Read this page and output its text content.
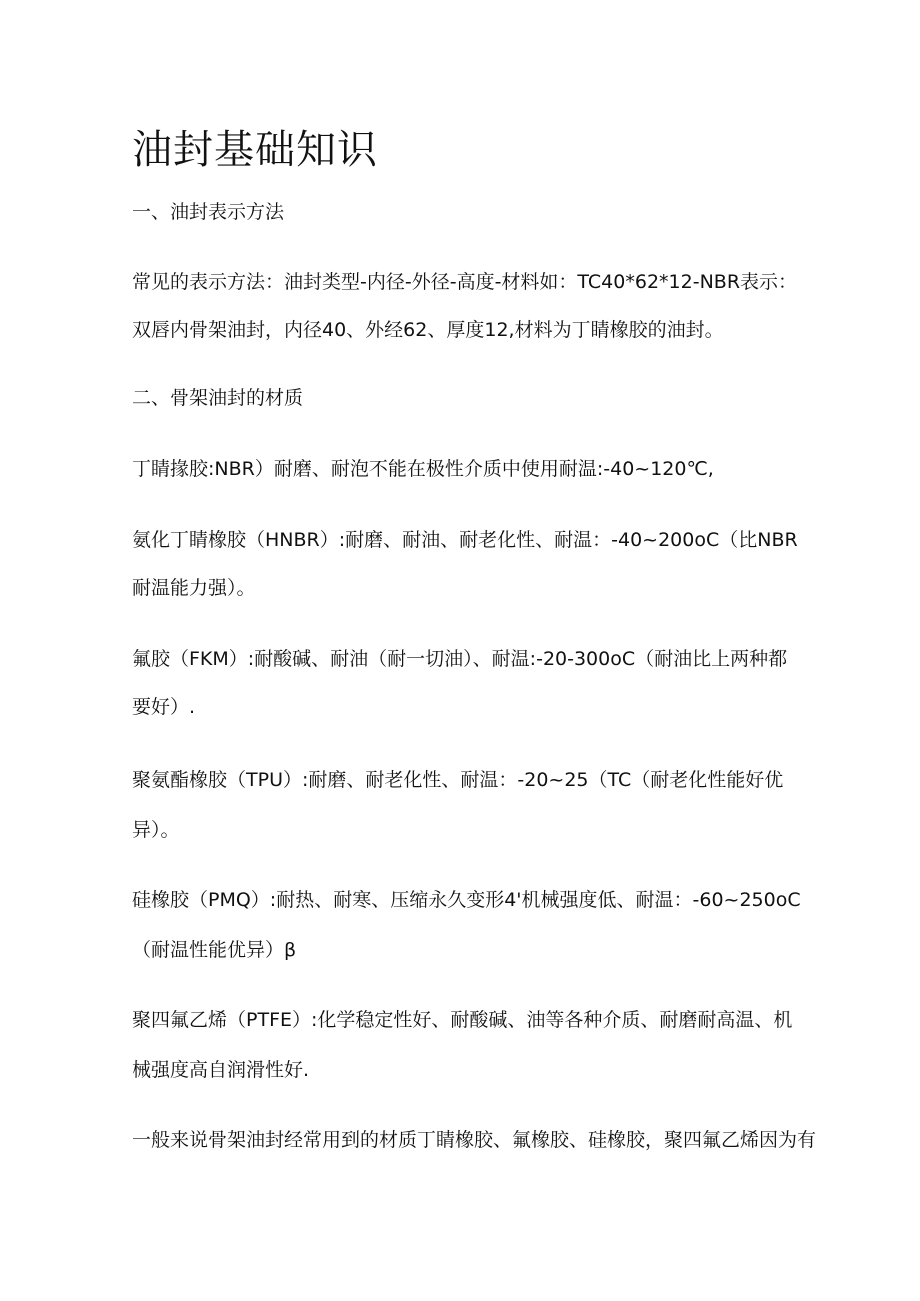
油封基础知识

一、油封表示方法

常见的表示方法：油封类型-内径-外径-高度-材料如：TC40*62*12-NBR表示：

双唇内骨架油封，内径40、外经62、厚度12,材料为丁睛橡胶的油封。

二、骨架油封的材质

丁睛掾胶:NBR）耐磨、耐泡不能在极性介质中使用耐温:-40~120℃,

氨化丁睛橡胶（HNBR）:耐磨、耐油、耐老化性、耐温：-40~200oC（比NBR

耐温能力强）。

氟胶（FKM）:耐酸碱、耐油（耐一切油）、耐温:-20-300oC（耐油比上两种都

要好）.

聚氨酯橡胶（TPU）:耐磨、耐老化性、耐温：-20~25（TC（耐老化性能好优

异）。

硅橡胶（PMQ）:耐热、耐寒、压缩永久变形4'机械强度低、耐温：-60~250oC

（耐温性能优异）β

聚四氟乙烯（PTFE）:化学稳定性好、耐酸碱、油等各种介质、耐磨耐高温、机

械强度高自润滑性好.

一般来说骨架油封经常用到的材质丁睛橡胶、氟橡胶、硅橡胶，聚四氟乙烯因为有
